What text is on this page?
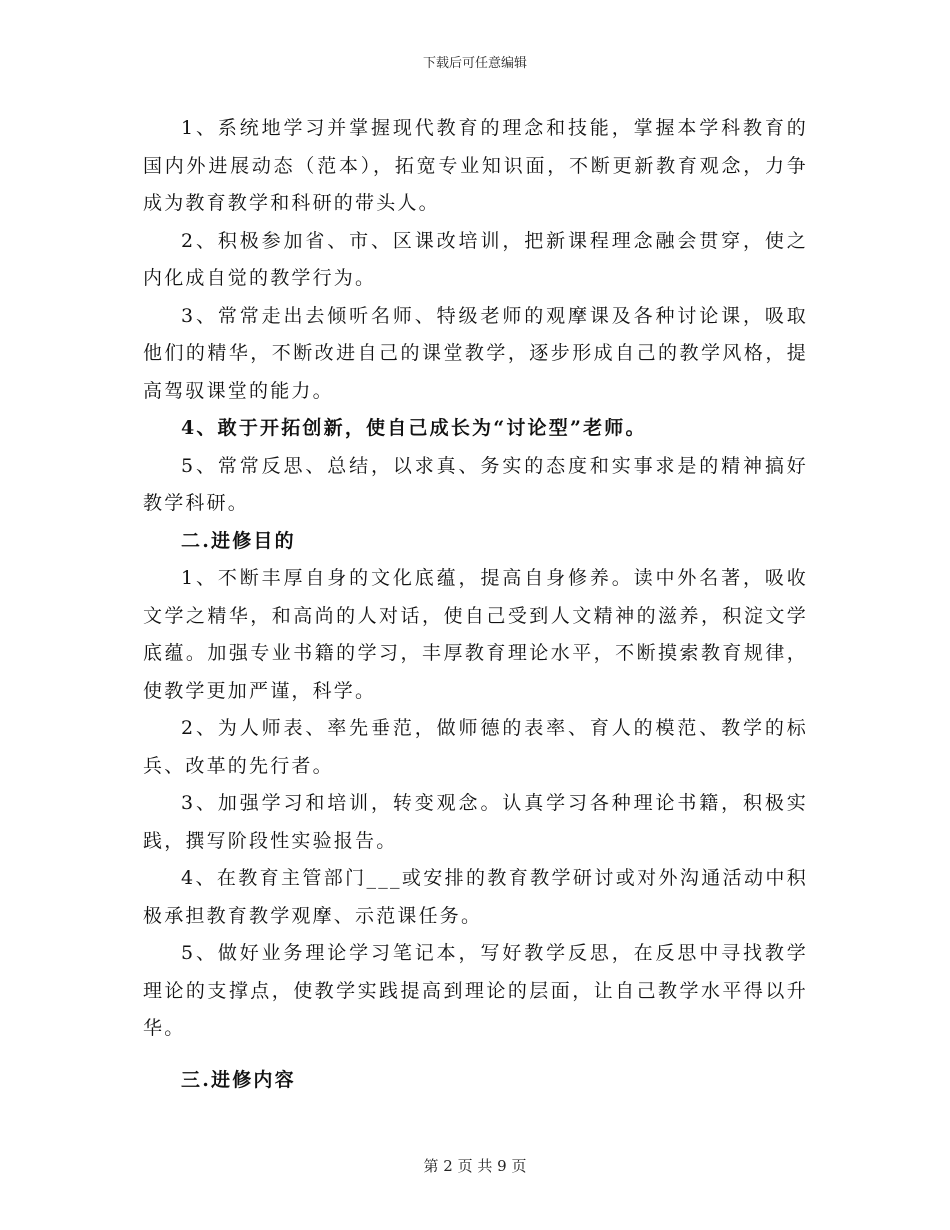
下载后可任意编辑

1、系统地学习并掌握现代教育的理念和技能，掌握本学科教育的国内外进展动态（范本），拓宽专业知识面，不断更新教育观念，力争成为教育教学和科研的带头人。

2、积极参加省、市、区课改培训，把新课程理念融会贯穿，使之内化成自觉的教学行为。

3、常常走出去倾听名师、特级老师的观摩课及各种讨论课，吸取他们的精华，不断改进自己的课堂教学，逐步形成自己的教学风格，提高驾驭课堂的能力。

4、敢于开拓创新，使自己成长为“讨论型”老师。

5、常常反思、总结，以求真、务实的态度和实事求是的精神搞好教学科研。

二.进修目的

1、不断丰厚自身的文化底蕴，提高自身修养。读中外名著，吸收文学之精华，和高尚的人对话，使自己受到人文精神的滋养，积淀文学底蕴。加强专业书籍的学习，丰厚教育理论水平，不断摸索教育规律，使教学更加严谨，科学。

2、为人师表、率先垂范，做师德的表率、育人的模范、教学的标兵、改革的先行者。

3、加强学习和培训，转变观念。认真学习各种理论书籍，积极实践，撰写阶段性实验报告。

4、在教育主管部门___或安排的教育教学研讨或对外沟通活动中积极承担教育教学观摩、示范课任务。

5、做好业务理论学习笔记本，写好教学反思，在反思中寻找教学理论的支撑点，使教学实践提高到理论的层面，让自己教学水平得以升华。

三.进修内容

第 2 页 共 9 页
